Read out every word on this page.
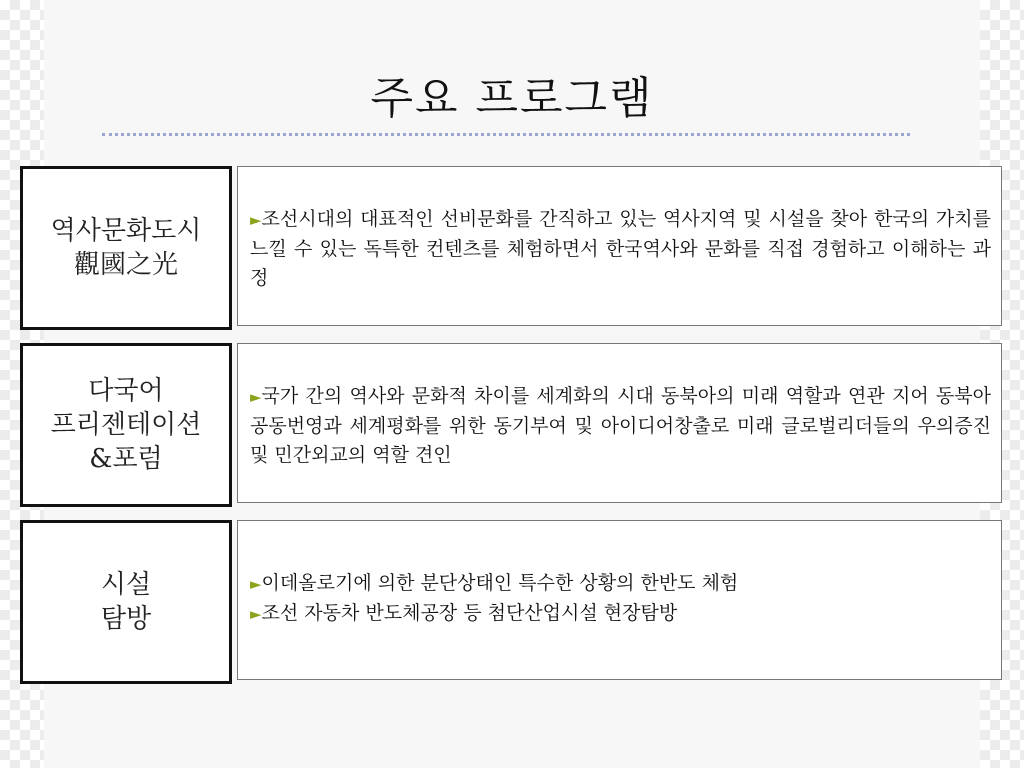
주요 프로그램
역사문화도시
觀國之光
►조선시대의 대표적인 선비문화를 간직하고 있는 역사지역 및 시설을 찾아 한국의 가치를 느낄 수 있는 독특한 컨텐츠를 체험하면서 한국역사와 문화를 직접 경험하고 이해하는 과정
다국어
프리젠테이션
&포럼
►국가 간의 역사와 문화적 차이를 세계화의 시대 동북아의 미래 역할과 연관 지어 동북아 공동번영과 세계평화를 위한 동기부여 및 아이디어창출로 미래 글로벌리더들의 우의증진 및 민간외교의 역할 견인
시설
탐방
►이데올로기에 의한 분단상태인 특수한 상황의 한반도 체험
►조선 자동차 반도체공장 등 첨단산업시설 현장탐방
